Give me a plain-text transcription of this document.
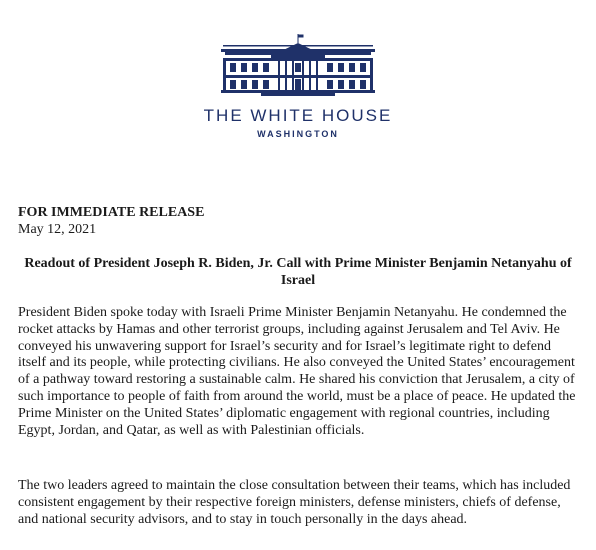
THE WHITE HOUSE
WASHINGTON
FOR IMMEDIATE RELEASE
May 12, 2021
Readout of President Joseph R. Biden, Jr. Call with Prime Minister Benjamin Netanyahu of Israel

President Biden spoke today with Israeli Prime Minister Benjamin Netanyahu. He condemned the rocket attacks by Hamas and other terrorist groups, including against Jerusalem and Tel Aviv. He conveyed his unwavering support for Israel’s security and for Israel’s legitimate right to defend itself and its people, while protecting civilians. He also conveyed the United States’ encouragement of a pathway toward restoring a sustainable calm. He shared his conviction that Jerusalem, a city of such importance to people of faith from around the world, must be a place of peace. He updated the Prime Minister on the United States’ diplomatic engagement with regional countries, including Egypt, Jordan, and Qatar, as well as with Palestinian officials.

The two leaders agreed to maintain the close consultation between their teams, which has included consistent engagement by their respective foreign ministers, defense ministers, chiefs of defense, and national security advisors, and to stay in touch personally in the days ahead.
